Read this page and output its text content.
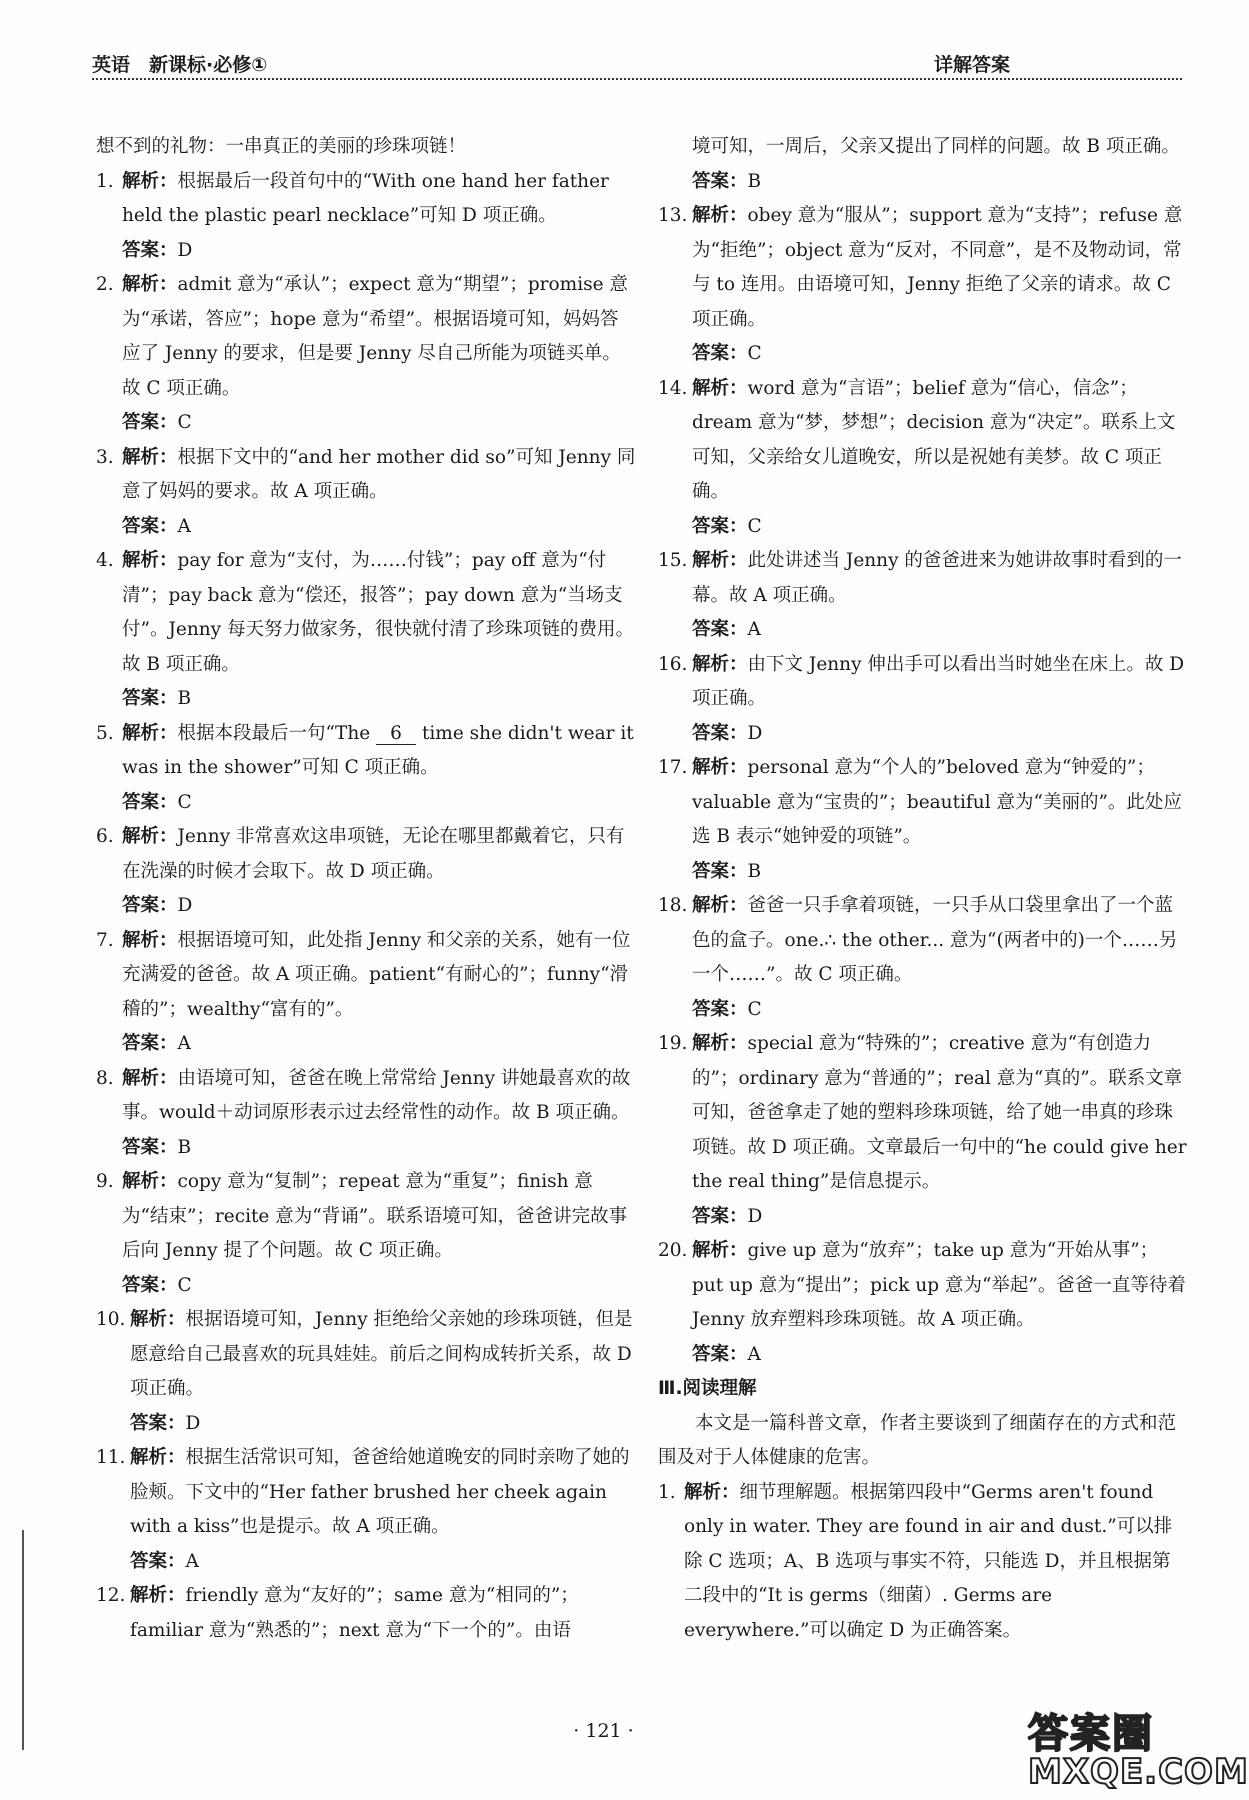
英语　新课标·必修①	详解答案

想不到的礼物：一串真正的美丽的珍珠项链！

1. 解析：根据最后一段首句中的“With one hand her father held the plastic pearl necklace”可知 D 项正确。

答案：D

2. 解析：admit 意为“承认”；expect 意为“期望”；promise 意为“承诺，答应”；hope 意为“希望”。根据语境可知，妈妈答应了 Jenny 的要求，但是要 Jenny 尽自己所能为项链买单。故 C 项正确。

答案：C

3. 解析：根据下文中的“and her mother did so”可知 Jenny 同意了妈妈的要求。故 A 项正确。

答案：A

4. 解析：pay for 意为“支付，为……付钱”；pay off 意为“付清”；pay back 意为“偿还，报答”；pay down 意为“当场支付”。Jenny 每天努力做家务，很快就付清了珍珠项链的费用。故 B 项正确。

答案：B

5. 解析：根据本段最后一句“The 6 time she didn't wear it was in the shower”可知 C 项正确。

答案：C

6. 解析：Jenny 非常喜欢这串项链，无论在哪里都戴着它，只有在洗澡的时候才会取下。故 D 项正确。

答案：D

7. 解析：根据语境可知，此处指 Jenny 和父亲的关系，她有一位充满爱的爸爸。故 A 项正确。patient“有耐心的”；funny“滑稽的”；wealthy“富有的”。

答案：A

8. 解析：由语境可知，爸爸在晚上常常给 Jenny 讲她最喜欢的故事。would＋动词原形表示过去经常性的动作。故 B 项正确。

答案：B

9. 解析：copy 意为“复制”；repeat 意为“重复”；finish 意为“结束”；recite 意为“背诵”。联系语境可知，爸爸讲完故事后向 Jenny 提了个问题。故 C 项正确。

答案：C

10. 解析：根据语境可知，Jenny 拒绝给父亲她的珍珠项链，但是愿意给自己最喜欢的玩具娃娃。前后之间构成转折关系，故 D 项正确。

答案：D

11. 解析：根据生活常识可知，爸爸给她道晚安的同时亲吻了她的脸颊。下文中的“Her father brushed her cheek again with a kiss”也是提示。故 A 项正确。

答案：A

12. 解析：friendly 意为“友好的”；same 意为“相同的”；familiar 意为“熟悉的”；next 意为“下一个的”。由语

境可知，一周后，父亲又提出了同样的问题。故 B 项正确。

答案：B

13. 解析：obey 意为“服从”；support 意为“支持”；refuse 意为“拒绝”；object 意为“反对，不同意”，是不及物动词，常与 to 连用。由语境可知，Jenny 拒绝了父亲的请求。故 C 项正确。

答案：C

14. 解析：word 意为“言语”；belief 意为“信心，信念”；dream 意为“梦，梦想”；decision 意为“决定”。联系上文可知，父亲给女儿道晚安，所以是祝她有美梦。故 C 项正确。

答案：C

15. 解析：此处讲述当 Jenny 的爸爸进来为她讲故事时看到的一幕。故 A 项正确。

答案：A

16. 解析：由下文 Jenny 伸出手可以看出当时她坐在床上。故 D 项正确。

答案：D

17. 解析：personal 意为“个人的”beloved 意为“钟爱的”；valuable 意为“宝贵的”；beautiful 意为“美丽的”。此处应选 B 表示“她钟爱的项链”。

答案：B

18. 解析：爸爸一只手拿着项链，一只手从口袋里拿出了一个蓝色的盒子。one.∴ the other... 意为“(两者中的)一个……另一个……”。故 C 项正确。

答案：C

19. 解析：special 意为“特殊的”；creative 意为“有创造力的”；ordinary 意为“普通的”；real 意为“真的”。联系文章可知，爸爸拿走了她的塑料珍珠项链，给了她一串真的珍珠项链。故 D 项正确。文章最后一句中的“he could give her the real thing”是信息提示。

答案：D

20. 解析：give up 意为“放弃”；take up 意为“开始从事”；put up 意为“提出”；pick up 意为“举起”。爸爸一直等待着 Jenny 放弃塑料珍珠项链。故 A 项正确。

答案：A

Ⅲ.阅读理解

本文是一篇科普文章，作者主要谈到了细菌存在的方式和范围及对于人体健康的危害。

1. 解析：细节理解题。根据第四段中“Germs aren't found only in water. They are found in air and dust.”可以排除 C 选项；A、B 选项与事实不符，只能选 D，并且根据第二段中的“It is germs（细菌）. Germs are everywhere.”可以确定 D 为正确答案。

· 121 ·	答案圈
MXQE.COM
